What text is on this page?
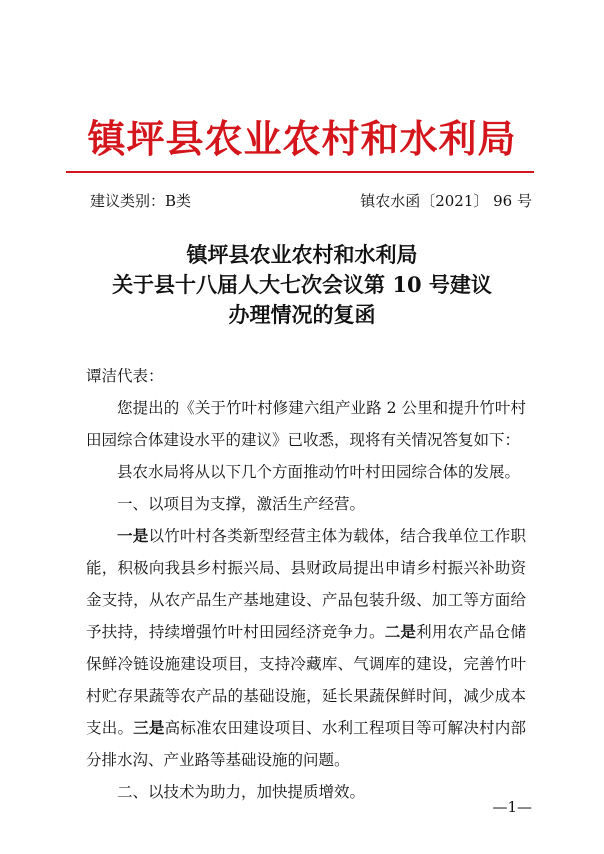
镇坪县农业农村和水利局
建议类别：B类	镇农水函〔2021〕 96 号
镇坪县农业农村和水利局
关于县十八届人大七次会议第 10 号建议
办理情况的复函

谭洁代表：

您提出的《关于竹叶村修建六组产业路 2 公里和提升竹叶村田园综合体建设水平的建议》已收悉，现将有关情况答复如下：

县农水局将从以下几个方面推动竹叶村田园综合体的发展。

一、以项目为支撑，激活生产经营。

一是以竹叶村各类新型经营主体为载体，结合我单位工作职能，积极向我县乡村振兴局、县财政局提出申请乡村振兴补助资金支持，从农产品生产基地建设、产品包装升级、加工等方面给予扶持，持续增强竹叶村田园经济竞争力。二是利用农产品仓储保鲜冷链设施建设项目，支持冷藏库、气调库的建设，完善竹叶村贮存果蔬等农产品的基础设施，延长果蔬保鲜时间，减少成本支出。三是高标准农田建设项目、水利工程项目等可解决村内部分排水沟、产业路等基础设施的问题。

二、以技术为助力，加快提质增效。

—1—
